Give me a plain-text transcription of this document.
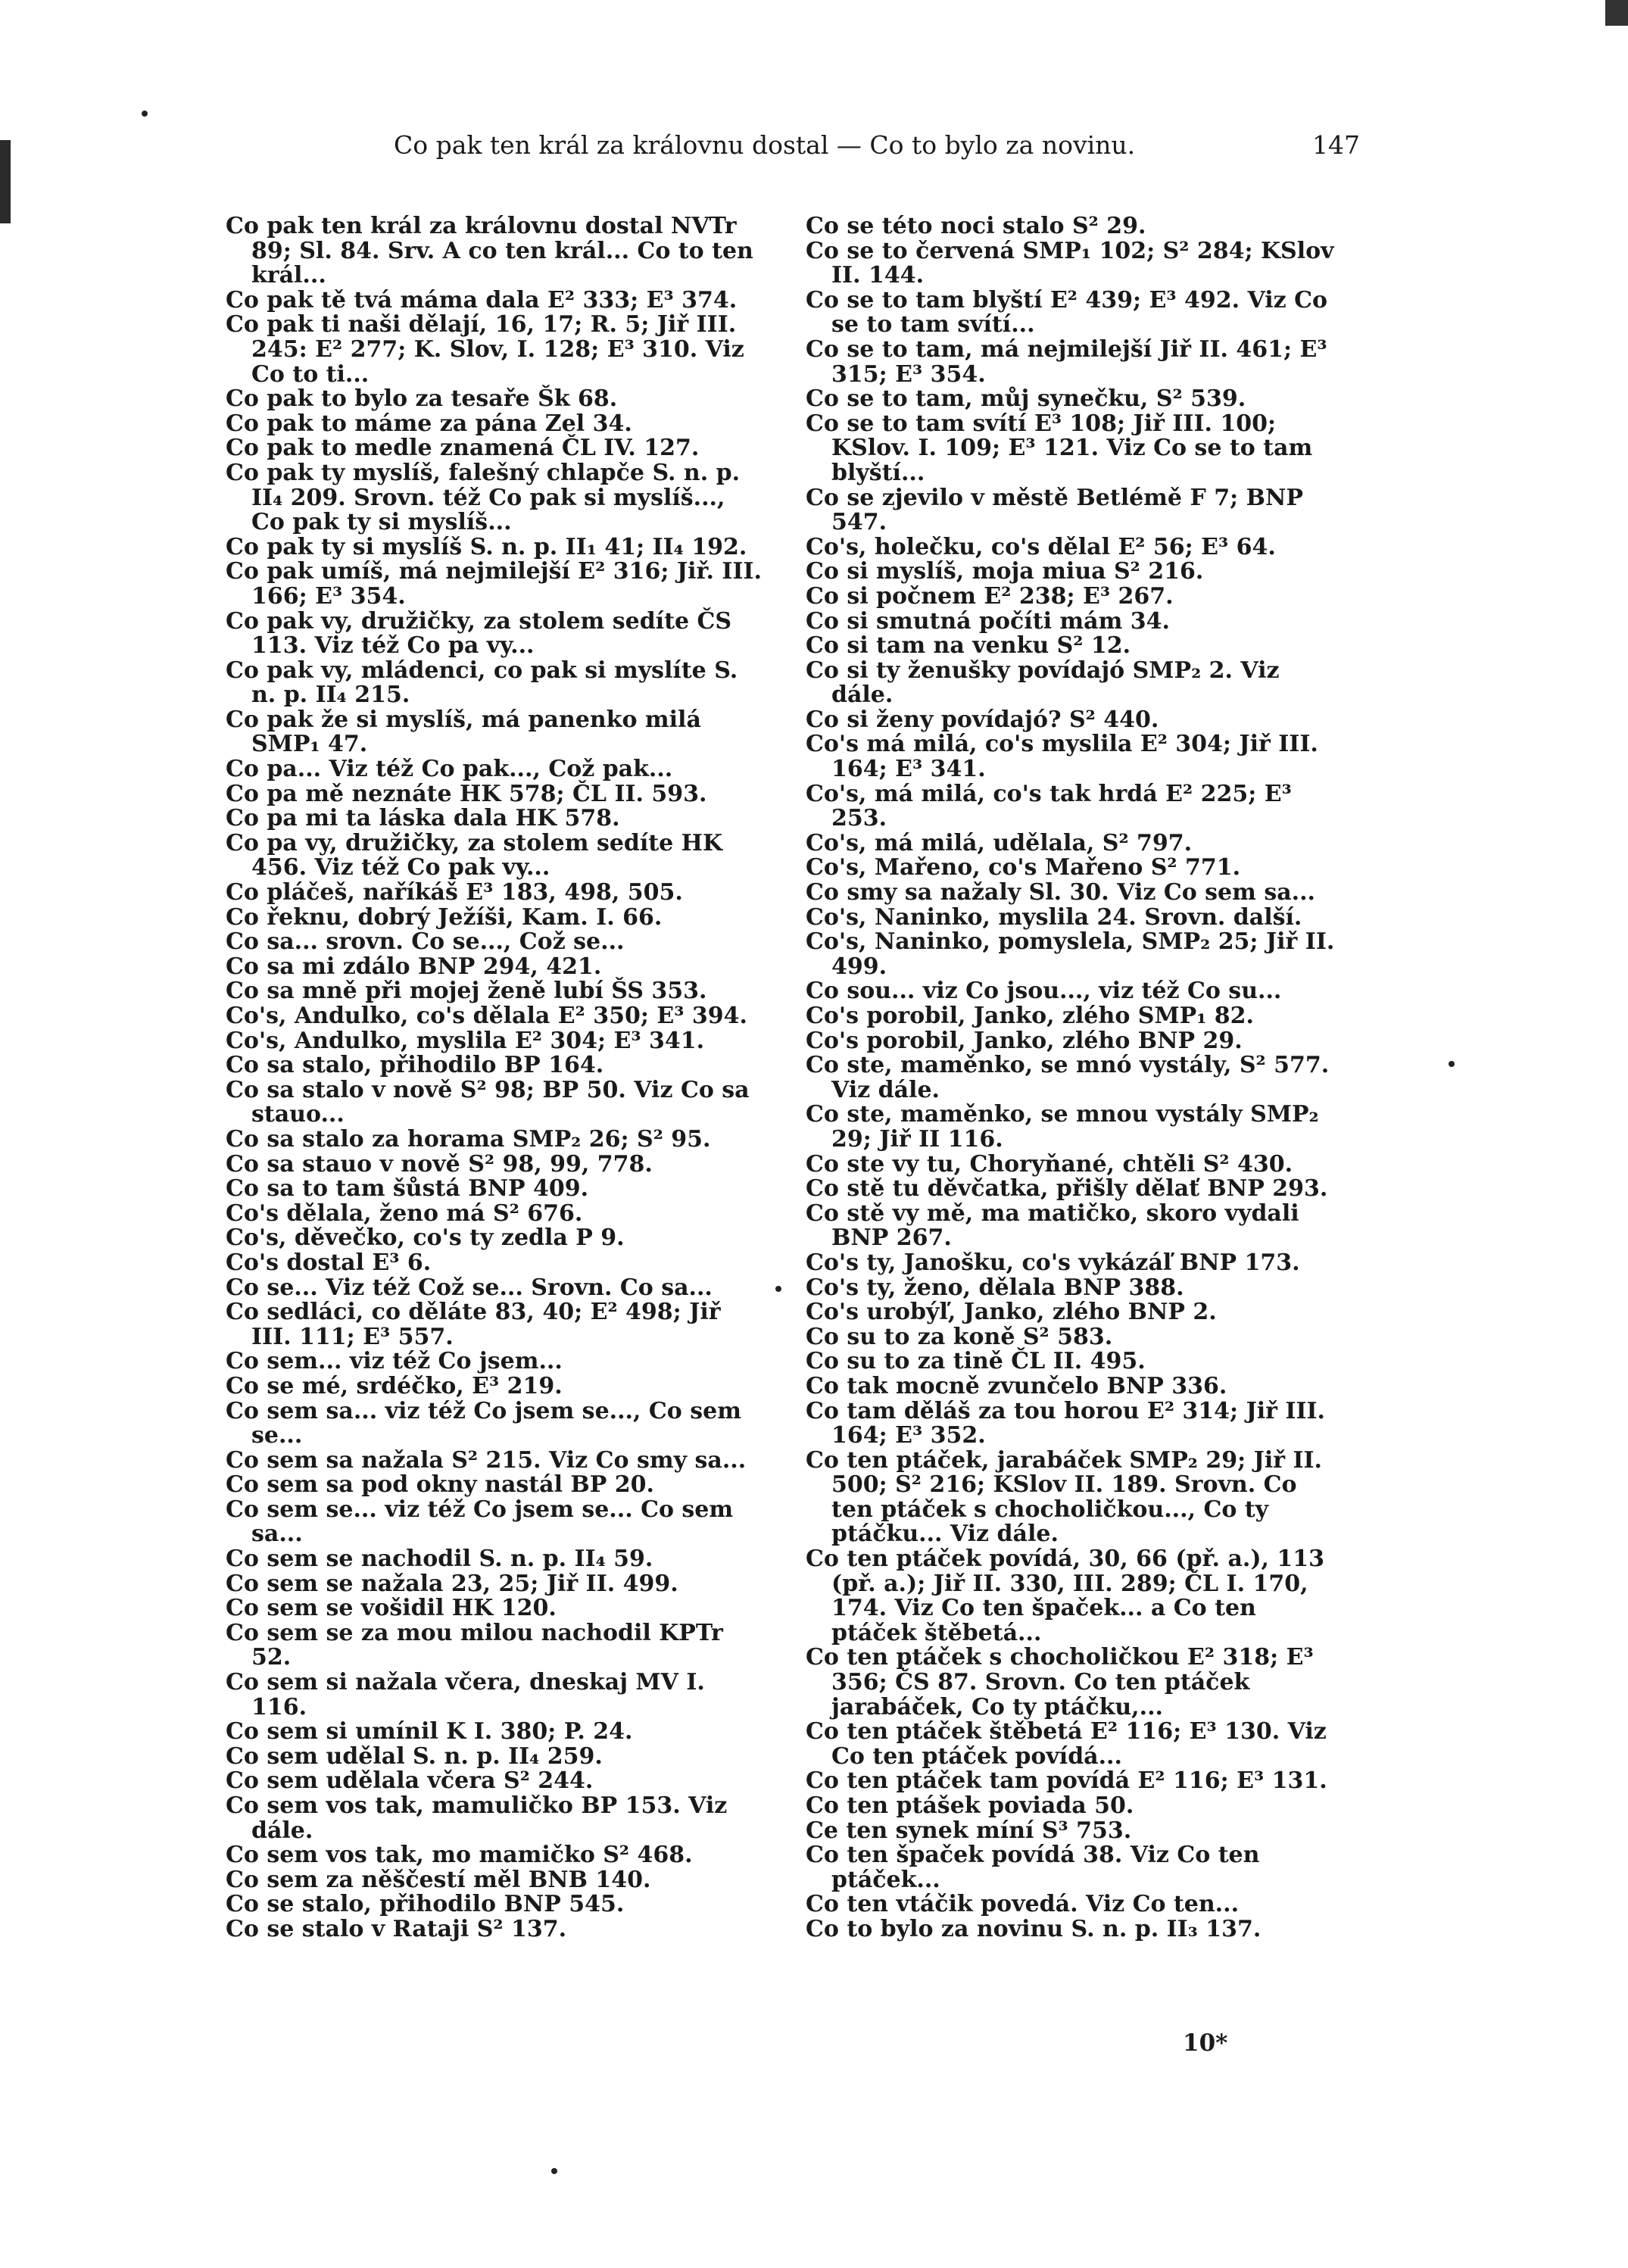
Co pak ten král za královnu dostal — Co to bylo za novinu.	147
Co pak ten král za královnu dostal NVTr 89; Sl. 84. Srv. A co ten král... Co to ten král...
Co pak tě tvá máma dala E² 333; E³ 374.
Co pak ti naši dělají, 16, 17; R. 5; Jiř III. 245: E² 277; K. Slov, I. 128; E³ 310. Viz Co to ti...
Co pak to bylo za tesaře Šk 68.
Co pak to máme za pána Zel 34.
Co pak to medle znamená ČL IV. 127.
Co pak ty myslíš, falešný chlapče S. n. p. II₄ 209. Srovn. též Co pak si myslíš..., Co pak ty si myslíš...
Co pak ty si myslíš S. n. p. II₁ 41; II₄ 192.
Co pak umíš, má nejmilejší E² 316; Jiř. III. 166; E³ 354.
Co pak vy, družičky, za stolem sedíte ČS 113. Viz též Co pa vy...
Co pak vy, mládenci, co pak si myslíte S. n. p. II₄ 215.
Co pak že si myslíš, má panenko milá SMP₁ 47.
Co pa... Viz též Co pak..., Což pak...
Co pa mě neznáte HK 578; ČL II. 593.
Co pa mi ta láska dala HK 578.
Co pa vy, družičky, za stolem sedíte HK 456. Viz též Co pak vy...
Co pláčeš, naříkáš E³ 183, 498, 505.
Co řeknu, dobrý Ježíši, Kam. I. 66.
Co sa... srovn. Co se..., Což se...
Co sa mi zdálo BNP 294, 421.
Co sa mně při mojej ženě lubí ŠS 353.
Co's, Andulko, co's dělala E² 350; E³ 394.
Co's, Andulko, myslila E² 304; E³ 341.
Co sa stalo, přihodilo BP 164.
Co sa stalo v nově S² 98; BP 50. Viz Co sa stauo...
Co sa stalo za horama SMP₂ 26; S² 95.
Co sa stauo v nově S² 98, 99, 778.
Co sa to tam šůstá BNP 409.
Co's dělala, ženo má S² 676.
Co's, děvečko, co's ty zedla P 9.
Co's dostal E³ 6.
Co se... Viz též Což se... Srovn. Co sa...
Co sedláci, co děláte 83, 40; E² 498; Jiř III. 111; E³ 557.
Co sem... viz též Co jsem...
Co se mé, srdéčko, E³ 219.
Co sem sa... viz též Co jsem se..., Co sem se...
Co sem sa nažala S² 215. Viz Co smy sa...
Co sem sa pod okny nastál BP 20.
Co sem se... viz též Co jsem se... Co sem sa...
Co sem se nachodil S. n. p. II₄ 59.
Co sem se nažala 23, 25; Jiř II. 499.
Co sem se vošidil HK 120.
Co sem se za mou milou nachodil KPTr 52.
Co sem si nažala včera, dneskaj MV I. 116.
Co sem si umínil K I. 380; P. 24.
Co sem udělal S. n. p. II₄ 259.
Co sem udělala včera S² 244.
Co sem vos tak, mamuličko BP 153. Viz dále.
Co sem vos tak, mo mamičko S² 468.
Co sem za něščestí měl BNB 140.
Co se stalo, přihodilo BNP 545.
Co se stalo v Rataji S² 137.
Co se této noci stalo S² 29.
Co se to červená SMP₁ 102; S² 284; KSlov II. 144.
Co se to tam blyští E² 439; E³ 492. Viz Co se to tam svítí...
Co se to tam, má nejmilejší Jiř II. 461; E³ 315; E³ 354.
Co se to tam, můj synečku, S² 539.
Co se to tam svítí E³ 108; Jiř III. 100; KSlov. I. 109; E³ 121. Viz Co se to tam blyští...
Co se zjevilo v městě Betlémě F 7; BNP 547.
Co's, holečku, co's dělal E² 56; E³ 64.
Co si myslíš, moja miua S² 216.
Co si počnem E² 238; E³ 267.
Co si smutná počíti mám 34.
Co si tam na venku S² 12.
Co si ty ženušky povídajó SMP₂ 2. Viz dále.
Co si ženy povídajó? S² 440.
Co's má milá, co's myslila E² 304; Jiř III. 164; E³ 341.
Co's, má milá, co's tak hrdá E² 225; E³ 253.
Co's, má milá, udělala, S² 797.
Co's, Mařeno, co's Mařeno S² 771.
Co smy sa nažaly Sl. 30. Viz Co sem sa...
Co's, Naninko, myslila 24. Srovn. další.
Co's, Naninko, pomyslela, SMP₂ 25; Jiř II. 499.
Co sou... viz Co jsou..., viz též Co su...
Co's porobil, Janko, zlého SMP₁ 82.
Co's porobil, Janko, zlého BNP 29.
Co ste, maměnko, se mnó vystály, S² 577. Viz dále.
Co ste, maměnko, se mnou vystály SMP₂ 29; Jiř II 116.
Co ste vy tu, Choryňané, chtěli S² 430.
Co stě tu děvčatka, přišly dělať BNP 293.
Co stě vy mě, ma matičko, skoro vydali BNP 267.
Co's ty, Janošku, co's vykázáľ BNP 173.
Co's ty, ženo, dělala BNP 388.
Co's urobýľ, Janko, zlého BNP 2.
Co su to za koně S² 583.
Co su to za tině ČL II. 495.
Co tak mocně zvunčelo BNP 336.
Co tam děláš za tou horou E² 314; Jiř III. 164; E³ 352.
Co ten ptáček, jarabáček SMP₂ 29; Jiř II. 500; S² 216; KSlov II. 189. Srovn. Co ten ptáček s chocholičkou..., Co ty ptáčku... Viz dále.
Co ten ptáček povídá, 30, 66 (př. a.), 113 (př. a.); Jiř II. 330, III. 289; ČL I. 170, 174. Viz Co ten špaček... a Co ten ptáček štěbetá...
Co ten ptáček s chocholičkou E² 318; E³ 356; ČS 87. Srovn. Co ten ptáček jarabáček, Co ty ptáčku,...
Co ten ptáček štěbetá E² 116; E³ 130. Viz Co ten ptáček povídá...
Co ten ptáček tam povídá E² 116; E³ 131.
Co ten ptášek poviada 50.
Ce ten synek míní S³ 753.
Co ten špaček povídá 38. Viz Co ten ptáček...
Co ten vtáčik povedá. Viz Co ten...
Co to bylo za novinu S. n. p. II₃ 137.
10*
